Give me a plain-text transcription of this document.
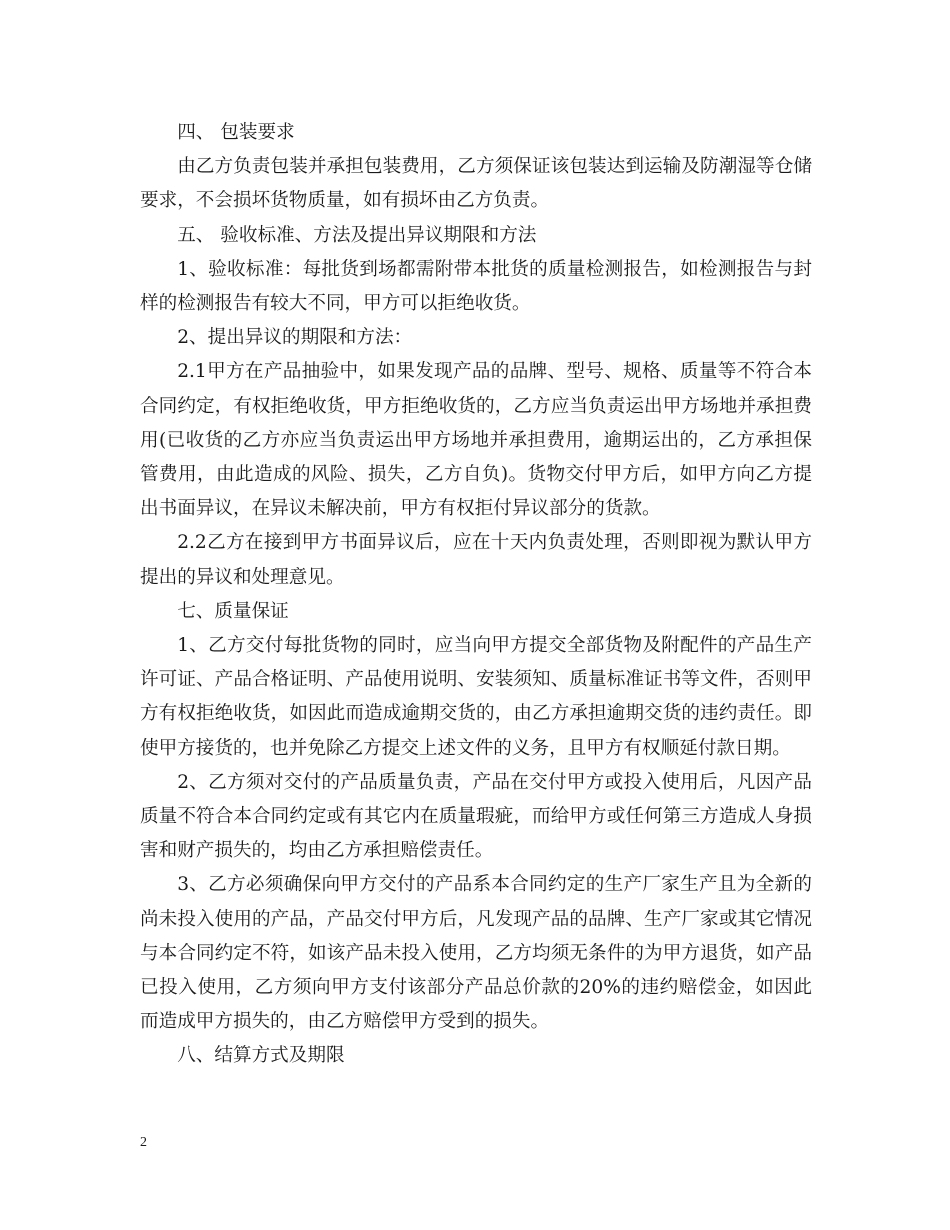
四、 包装要求

由乙方负责包装并承担包装费用，乙方须保证该包装达到运输及防潮湿等仓储要求，不会损坏货物质量，如有损坏由乙方负责。

五、 验收标准、方法及提出异议期限和方法

1、验收标准：每批货到场都需附带本批货的质量检测报告，如检测报告与封样的检测报告有较大不同，甲方可以拒绝收货。

2、提出异议的期限和方法：

2.1甲方在产品抽验中，如果发现产品的品牌、型号、规格、质量等不符合本合同约定，有权拒绝收货，甲方拒绝收货的，乙方应当负责运出甲方场地并承担费用(已收货的乙方亦应当负责运出甲方场地并承担费用，逾期运出的，乙方承担保管费用，由此造成的风险、损失，乙方自负)。货物交付甲方后，如甲方向乙方提出书面异议，在异议未解决前，甲方有权拒付异议部分的货款。

2.2乙方在接到甲方书面异议后，应在十天内负责处理，否则即视为默认甲方提出的异议和处理意见。

七、质量保证

1、乙方交付每批货物的同时，应当向甲方提交全部货物及附配件的产品生产许可证、产品合格证明、产品使用说明、安装须知、质量标准证书等文件，否则甲方有权拒绝收货，如因此而造成逾期交货的，由乙方承担逾期交货的违约责任。即使甲方接货的，也并免除乙方提交上述文件的义务，且甲方有权顺延付款日期。

2、乙方须对交付的产品质量负责，产品在交付甲方或投入使用后，凡因产品质量不符合本合同约定或有其它内在质量瑕疵，而给甲方或任何第三方造成人身损害和财产损失的，均由乙方承担赔偿责任。

3、乙方必须确保向甲方交付的产品系本合同约定的生产厂家生产且为全新的尚未投入使用的产品，产品交付甲方后，凡发现产品的品牌、生产厂家或其它情况与本合同约定不符，如该产品未投入使用，乙方均须无条件的为甲方退货，如产品已投入使用，乙方须向甲方支付该部分产品总价款的20%的违约赔偿金，如因此而造成甲方损失的，由乙方赔偿甲方受到的损失。

八、结算方式及期限

2
